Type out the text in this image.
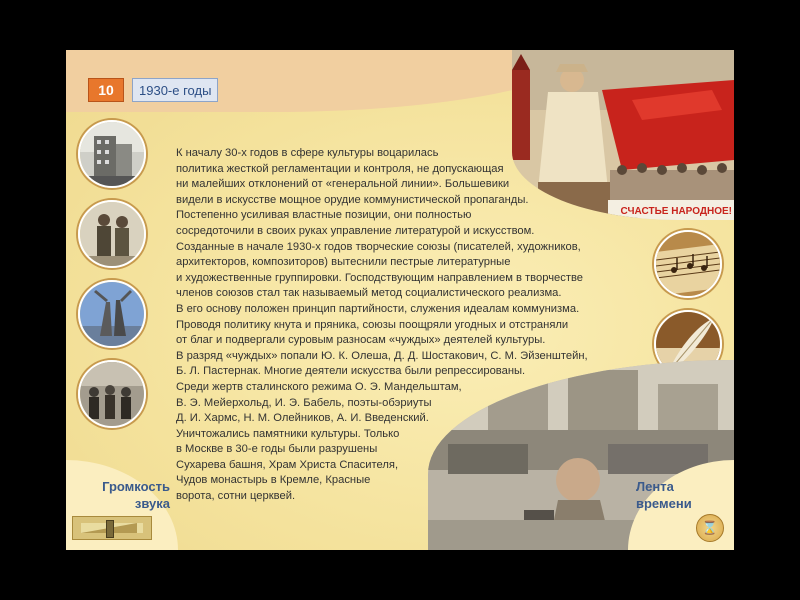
10	1930-е годы
К началу 30-х годов в сфере культуры воцарилась
политика жесткой регламентации и контроля, не допускающая
ни малейших отклонений от «генеральной линии». Большевики
видели в искусстве мощное орудие коммунистической пропаганды.
Постепенно усиливая властные позиции, они полностью
сосредоточили в своих руках управление литературой и искусством.
Созданные в начале 1930-х годов творческие союзы (писателей, художников,
архитекторов, композиторов) вытеснили пестрые литературные
и художественные группировки. Господствующим направлением в творчестве
членов союзов стал так называемый метод социалистического реализма.
В его основу положен принцип партийности, служения идеалам коммунизма.
Проводя политику кнута и пряника, союзы поощряли угодных и отстраняли
от благ и подвергали суровым разносам «чуждых» деятелей культуры.
В разряд «чуждых» попали Ю. К. Олеша, Д. Д. Шостакович, С. М. Эйзенштейн,
Б. Л. Пастернак. Многие деятели искусства были репрессированы.
Среди жертв сталинского режима О. Э. Мандельштам,
В. Э. Мейерхольд, И. Э. Бабель, поэты-обэриуты
Д. И. Хармс, Н. М. Олейников, А. И. Введенский.
Уничтожались памятники культуры. Только
в Москве в 30-е годы были разрушены
Сухарева башня, Храм Христа Спасителя,
Чудов монастырь в Кремле, Красные
ворота, сотни церквей.
СЧАСТЬЕ НАРОДНОЕ!
Громкость
звука
Лента
времени
⌛
